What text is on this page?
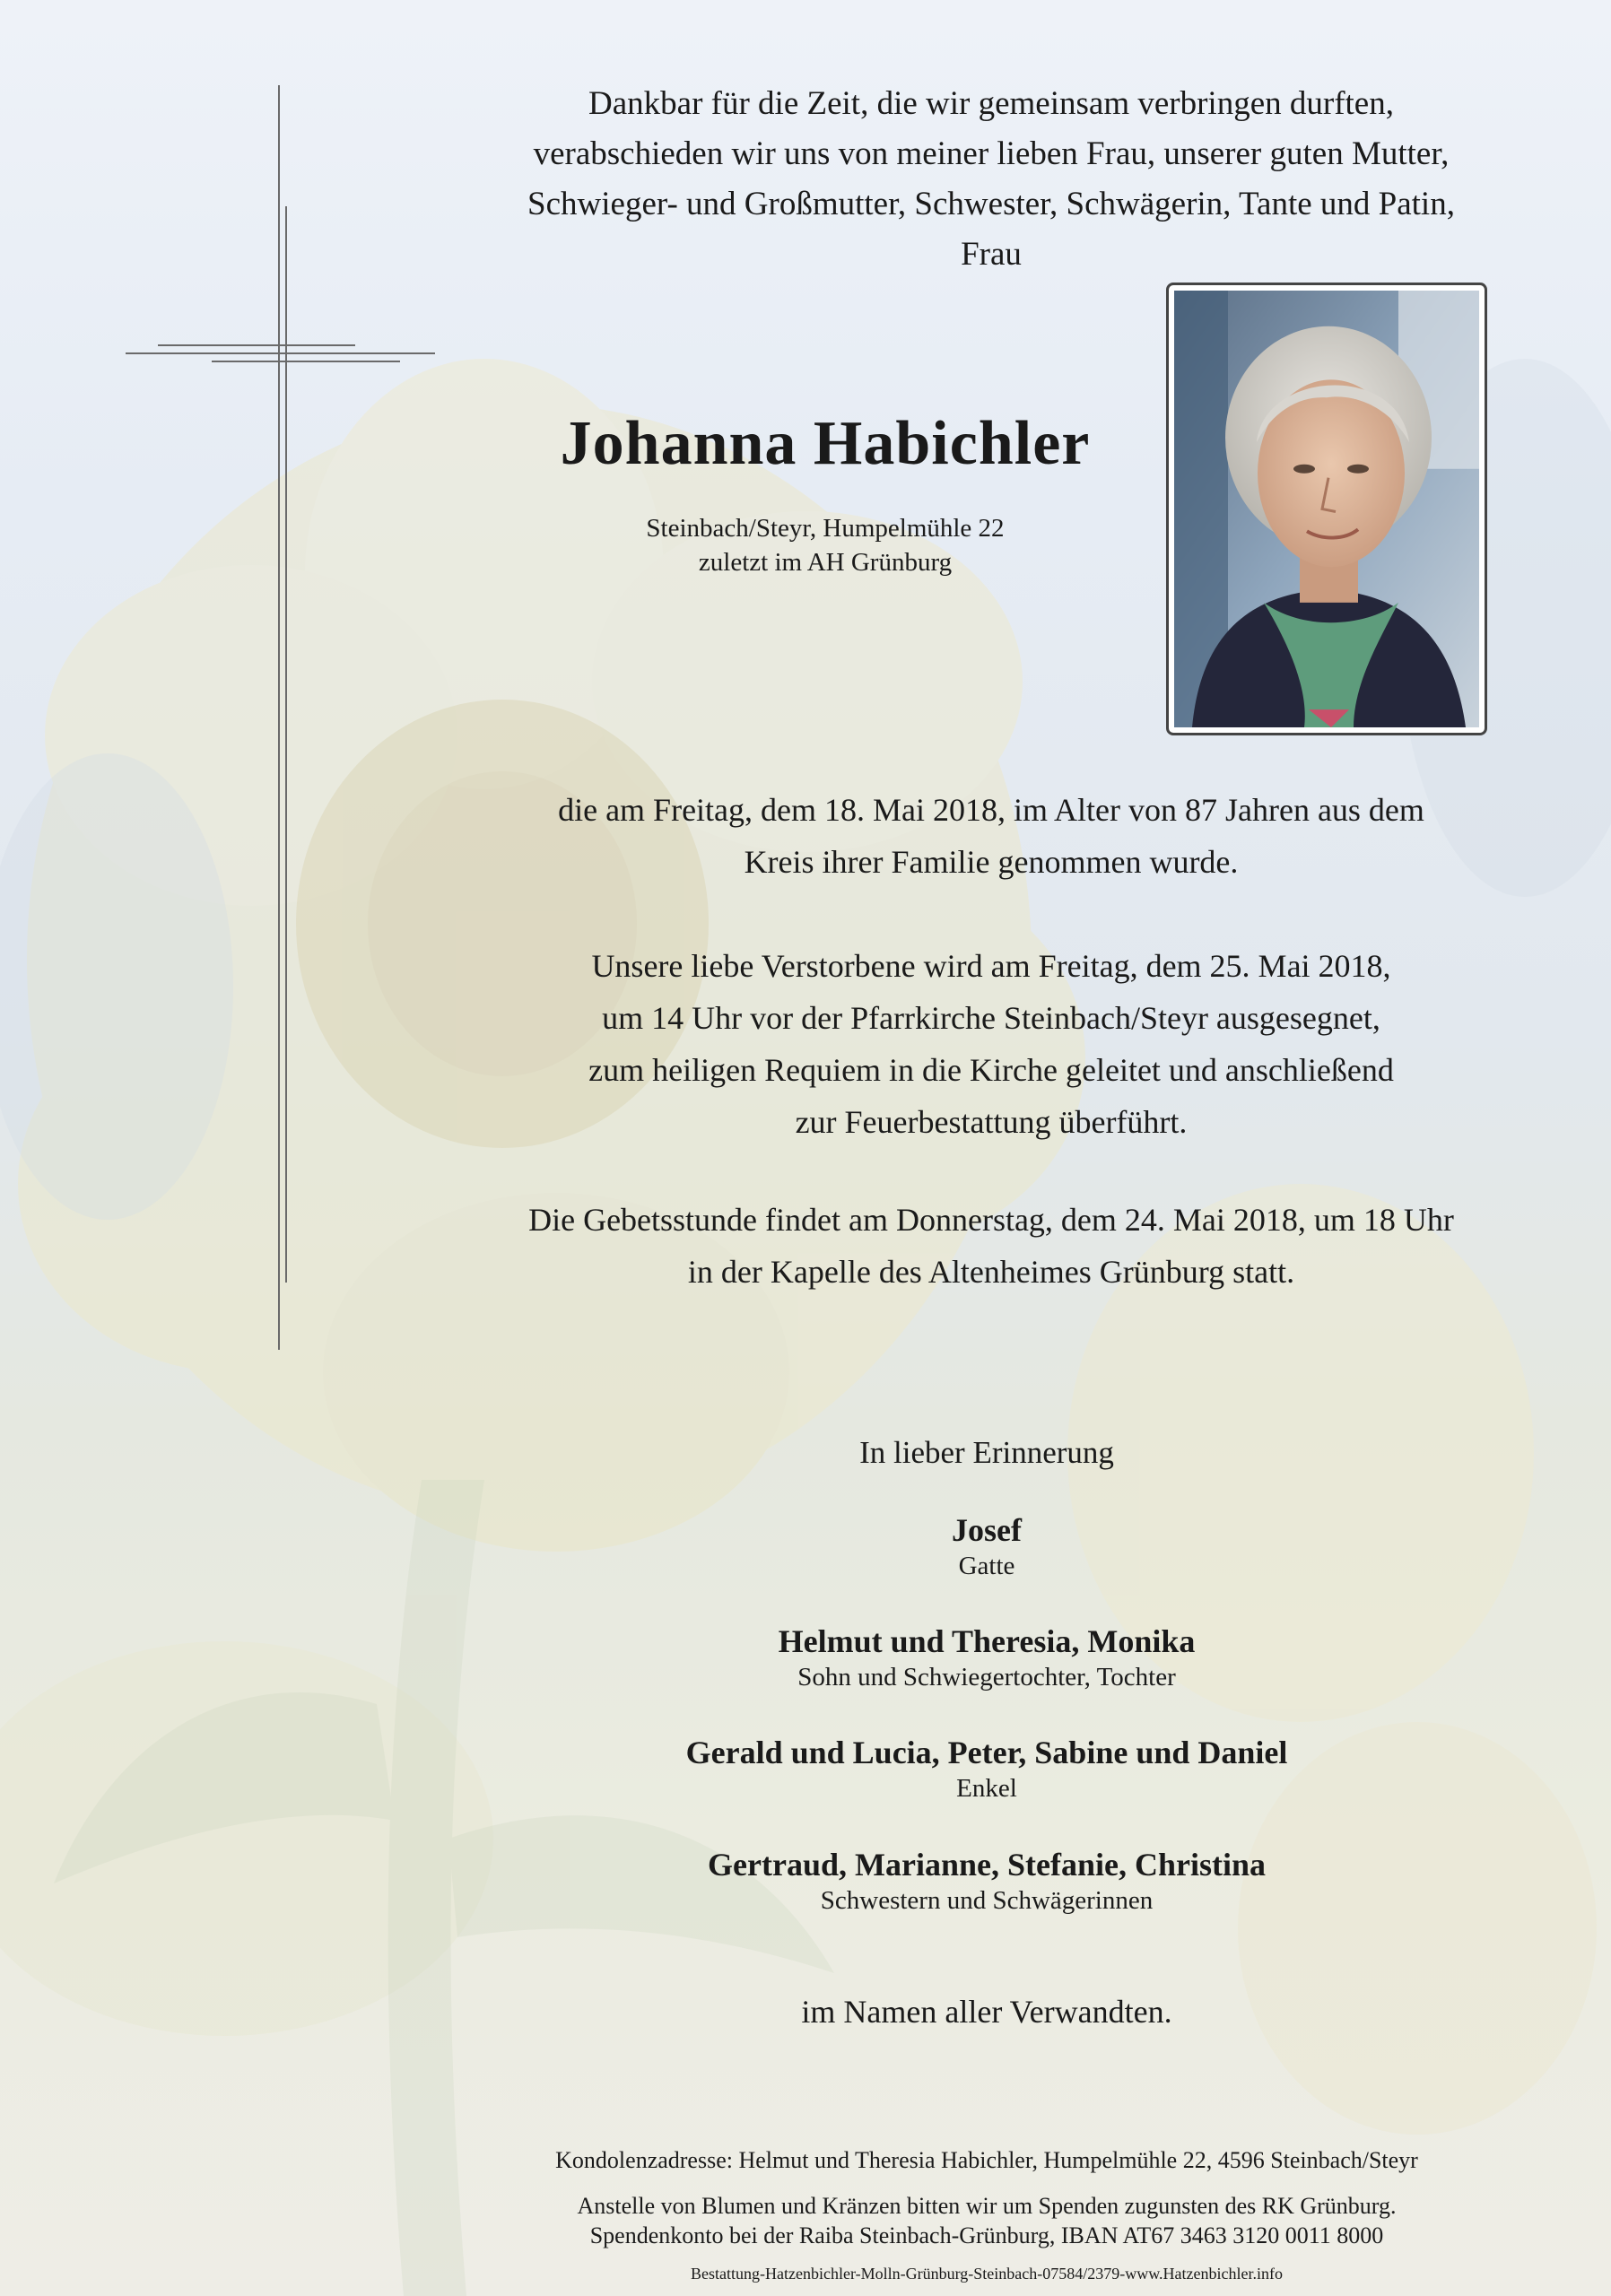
Dankbar für die Zeit, die wir gemeinsam verbringen durften,
verabschieden wir uns von meiner lieben Frau, unserer guten Mutter,
Schwieger- und Großmutter, Schwester, Schwägerin, Tante und Patin,
Frau
Johanna Habichler
Steinbach/Steyr, Humpelmühle 22
zuletzt im AH Grünburg
die am Freitag, dem 18. Mai 2018, im Alter von 87 Jahren aus dem
Kreis ihrer Familie genommen wurde.
Unsere liebe Verstorbene wird am Freitag, dem 25. Mai 2018,
um 14 Uhr vor der Pfarrkirche Steinbach/Steyr ausgesegnet,
zum heiligen Requiem in die Kirche geleitet und anschließend
zur Feuerbestattung überführt.
Die Gebetsstunde findet am Donnerstag, dem 24. Mai 2018, um 18 Uhr
in der Kapelle des Altenheimes Grünburg statt.
In lieber Erinnerung
Josef
Gatte
Helmut und Theresia, Monika
Sohn und Schwiegertochter, Tochter
Gerald und Lucia, Peter, Sabine und Daniel
Enkel
Gertraud, Marianne, Stefanie, Christina
Schwestern und Schwägerinnen
im Namen aller Verwandten.
Kondolenzadresse: Helmut und Theresia Habichler, Humpelmühle 22, 4596 Steinbach/Steyr
Anstelle von Blumen und Kränzen bitten wir um Spenden zugunsten des RK Grünburg.
Spendenkonto bei der Raiba Steinbach-Grünburg, IBAN AT67 3463 3120 0011 8000
Bestattung-Hatzenbichler-Molln-Grünburg-Steinbach-07584/2379-www.Hatzenbichler.info
